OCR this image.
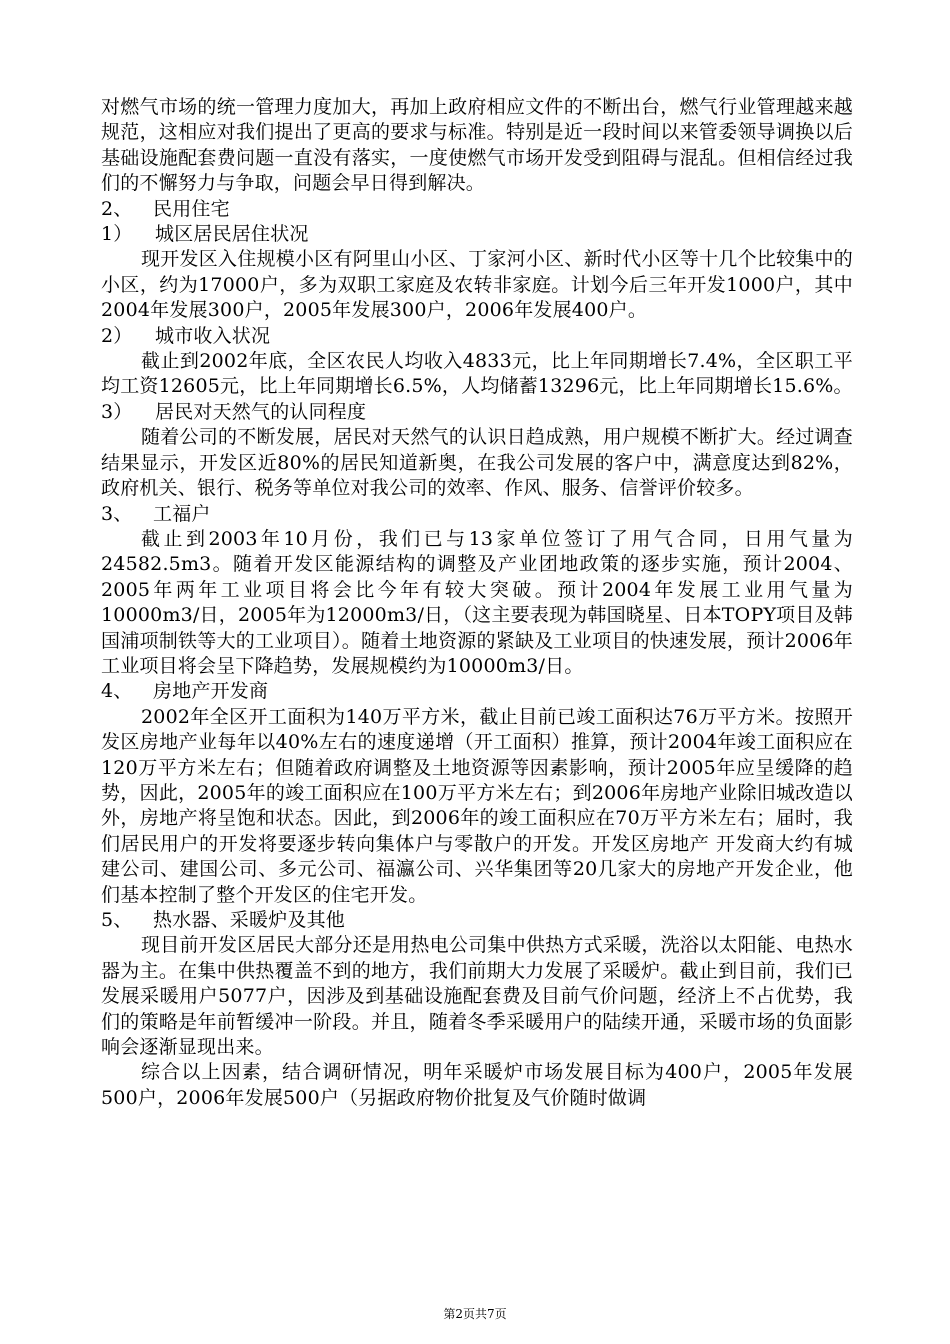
对燃气市场的统一管理力度加大，再加上政府相应文件的不断出台，燃气行业管理越来越规范，这相应对我们提出了更高的要求与标准。特别是近一段时间以来管委领导调换以后基础设施配套费问题一直没有落实，一度使燃气市场开发受到阻碍与混乱。但相信经过我们的不懈努力与争取，问题会早日得到解决。

2、 民用住宅

1） 城区居民居住状况

现开发区入住规模小区有阿里山小区、丁家河小区、新时代小区等十几个比较集中的小区，约为17000户，多为双职工家庭及农转非家庭。计划今后三年开发1000户，其中2004年发展300户，2005年发展300户，2006年发展400户。

2） 城市收入状况

截止到2002年底，全区农民人均收入4833元，比上年同期增长7.4%，全区职工平均工资12605元，比上年同期增长6.5%，人均储蓄13296元，比上年同期增长15.6%。

3） 居民对天然气的认同程度

随着公司的不断发展，居民对天然气的认识日趋成熟，用户规模不断扩大。经过调查结果显示，开发区近80%的居民知道新奥，在我公司发展的客户中，满意度达到82%，政府机关、银行、税务等单位对我公司的效率、作风、服务、信誉评价较多。

3、 工福户

截止到2003年10月份，我们已与13家单位签订了用气合同，日用气量为24582.5m3。随着开发区能源结构的调整及产业团地政策的逐步实施，预计2004、2005年两年工业项目将会比今年有较大突破。预计2004年发展工业用气量为10000m3/日，2005年为12000m3/日，（这主要表现为韩国晓星、日本TOPY项目及韩国浦项制铁等大的工业项目）。随着土地资源的紧缺及工业项目的快速发展，预计2006年工业项目将会呈下降趋势，发展规模约为10000m3/日。

4、 房地产开发商

2002年全区开工面积为140万平方米，截止目前已竣工面积达76万平方米。按照开发区房地产业每年以40%左右的速度递增（开工面积）推算，预计2004年竣工面积应在120万平方米左右；但随着政府调整及土地资源等因素影响，预计2005年应呈缓降的趋势，因此，2005年的竣工面积应在100万平方米左右；到2006年房地产业除旧城改造以外，房地产将呈饱和状态。因此，到2006年的竣工面积应在70万平方米左右；届时，我们居民用户的开发将要逐步转向集体户与零散户的开发。开发区房地产 开发商大约有城建公司、建国公司、多元公司、福瀛公司、兴华集团等20几家大的房地产开发企业，他们基本控制了整个开发区的住宅开发。

5、 热水器、采暖炉及其他

现目前开发区居民大部分还是用热电公司集中供热方式采暖，洗浴以太阳能、电热水器为主。在集中供热覆盖不到的地方，我们前期大力发展了采暖炉。截止到目前，我们已发展采暖用户5077户，因涉及到基础设施配套费及目前气价问题，经济上不占优势，我们的策略是年前暂缓冲一阶段。并且，随着冬季采暖用户的陆续开通，采暖市场的负面影响会逐渐显现出来。

综合以上因素，结合调研情况，明年采暖炉市场发展目标为400户，2005年发展500户，2006年发展500户（另据政府物价批复及气价随时做调

第2页共7页
